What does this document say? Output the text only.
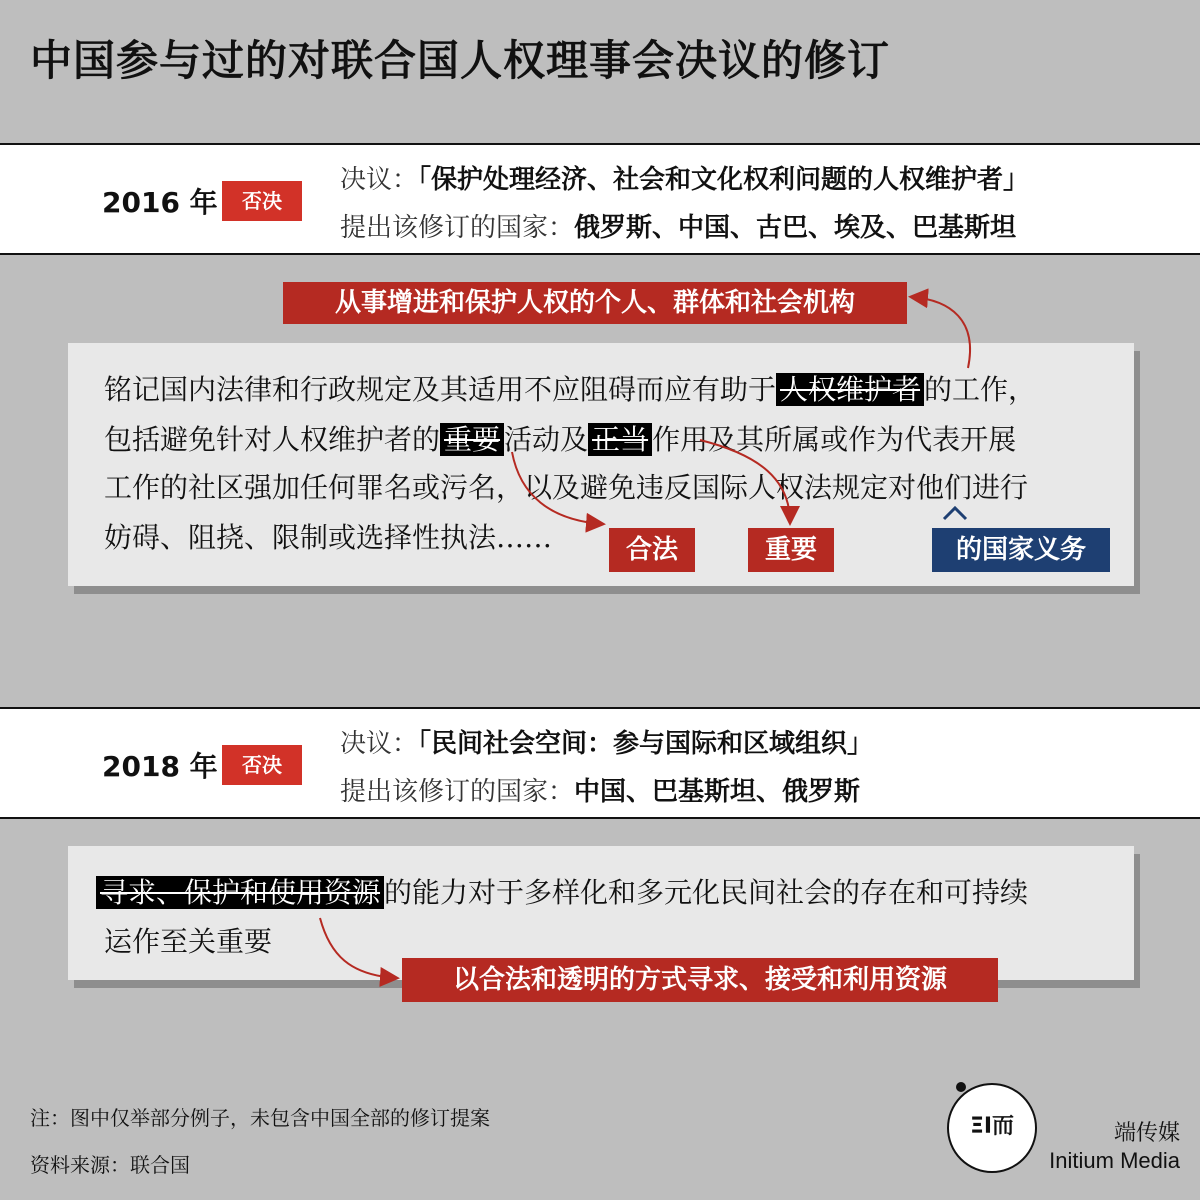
中国参与过的对联合国人权理事会决议的修订
2016 年	否决
决议：「保护处理经济、社会和文化权利问题的人权维护者」
提出该修订的国家：俄罗斯、中国、古巴、埃及、巴基斯坦
从事增进和保护人权的个人、群体和社会机构
铭记国内法律和行政规定及其适用不应阻碍而应有助于 人权维护者 的工作，
包括避免针对人权维护者的 重要 活动及 正当 作用及其所属或作为代表开展
工作的社区强加任何罪名或污名，以及避免违反国际人权法规定对他们进行
妨碍、阻挠、限制或选择性执法……	合法	重要	的国家义务
2018 年	否决
决议：「民间社会空间：参与国际和区域组织」
提出该修订的国家：中国、巴基斯坦、俄罗斯
寻求、保护和使用资源 的能力对于多样化和多元化民间社会的存在和可持续
运作至关重要
以合法和透明的方式寻求、接受和利用资源
注：图中仅举部分例子，未包含中国全部的修订提案
资料来源：联合国
ΞΙ而	端传媒
Initium Media
